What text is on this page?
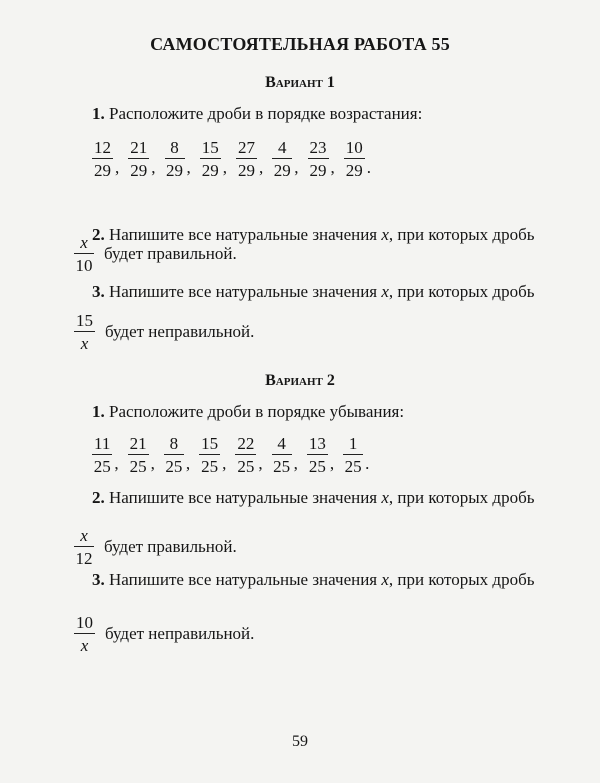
САМОСТОЯТЕЛЬНАЯ РАБОТА 55
Вариант 1
1. Расположите дроби в порядке возрастания:
$\frac{12}{29}$ , $\frac{21}{29}$ , $\frac{8}{29}$ , $\frac{15}{29}$ , $\frac{27}{29}$ , $\frac{4}{29}$ , $\frac{23}{29}$ , $\frac{10}{29}$ .
2. Напишите все натуральные значения x, при которых дробь
$\frac{x}{10}$ будет правильной.
3. Напишите все натуральные значения x, при которых дробь
$\frac{15}{x}$ будет неправильной.
Вариант 2
1. Расположите дроби в порядке убывания:
$\frac{11}{25}$ , $\frac{21}{25}$ , $\frac{8}{25}$ , $\frac{15}{25}$ , $\frac{22}{25}$ , $\frac{4}{25}$ , $\frac{13}{25}$ , $\frac{1}{25}$ .
2. Напишите все натуральные значения x, при которых дробь
$\frac{x}{12}$ будет правильной.
3. Напишите все натуральные значения x, при которых дробь
$\frac{10}{x}$ будет неправильной.
59
